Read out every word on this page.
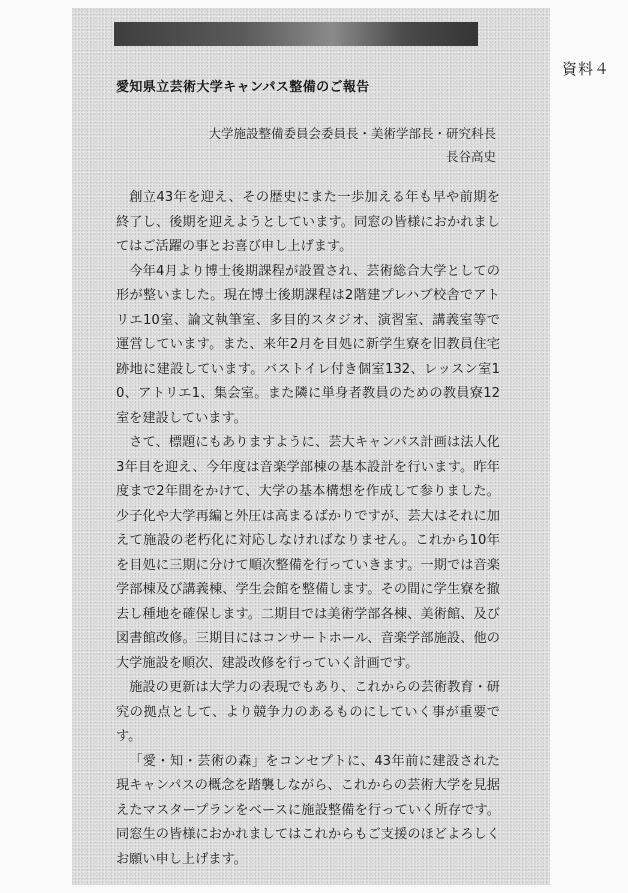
資料４
愛知県立芸術大学キャンパス整備のご報告
大学施設整備委員会委員長・美術学部長・研究科長
長谷高史

創立43年を迎え、その歴史にまた一歩加える年も早や前期を終了し、後期を迎えようとしています。同窓の皆様におかれましてはご活躍の事とお喜び申し上げます。

今年4月より博士後期課程が設置され、芸術総合大学としての形が整いました。現在博士後期課程は2階建プレハブ校舎でアトリエ10室、論文執筆室、多目的スタジオ、演習室、講義室等で運営しています。また、来年2月を目処に新学生寮を旧教員住宅跡地に建設しています。バストイレ付き個室132、レッスン室10、アトリエ1、集会室。また隣に単身者教員のための教員寮12室を建設しています。

さて、標題にもありますように、芸大キャンパス計画は法人化3年目を迎え、今年度は音楽学部棟の基本設計を行います。昨年度まで2年間をかけて、大学の基本構想を作成して参りました。少子化や大学再編と外圧は高まるばかりですが、芸大はそれに加えて施設の老朽化に対応しなければなりません。これから10年を目処に三期に分けて順次整備を行っていきます。一期では音楽学部棟及び講義棟、学生会館を整備します。その間に学生寮を撤去し種地を確保します。二期目では美術学部各棟、美術館、及び図書館改修。三期目にはコンサートホール、音楽学部施設、他の大学施設を順次、建設改修を行っていく計画です。

施設の更新は大学力の表現でもあり、これからの芸術教育・研究の拠点として、より競争力のあるものにしていく事が重要です。

「愛・知・芸術の森」をコンセプトに、43年前に建設された現キャンパスの概念を踏襲しながら、これからの芸術大学を見据えたマスタープランをベースに施設整備を行っていく所存です。同窓生の皆様におかれましてはこれからもご支援のほどよろしくお願い申し上げます。
